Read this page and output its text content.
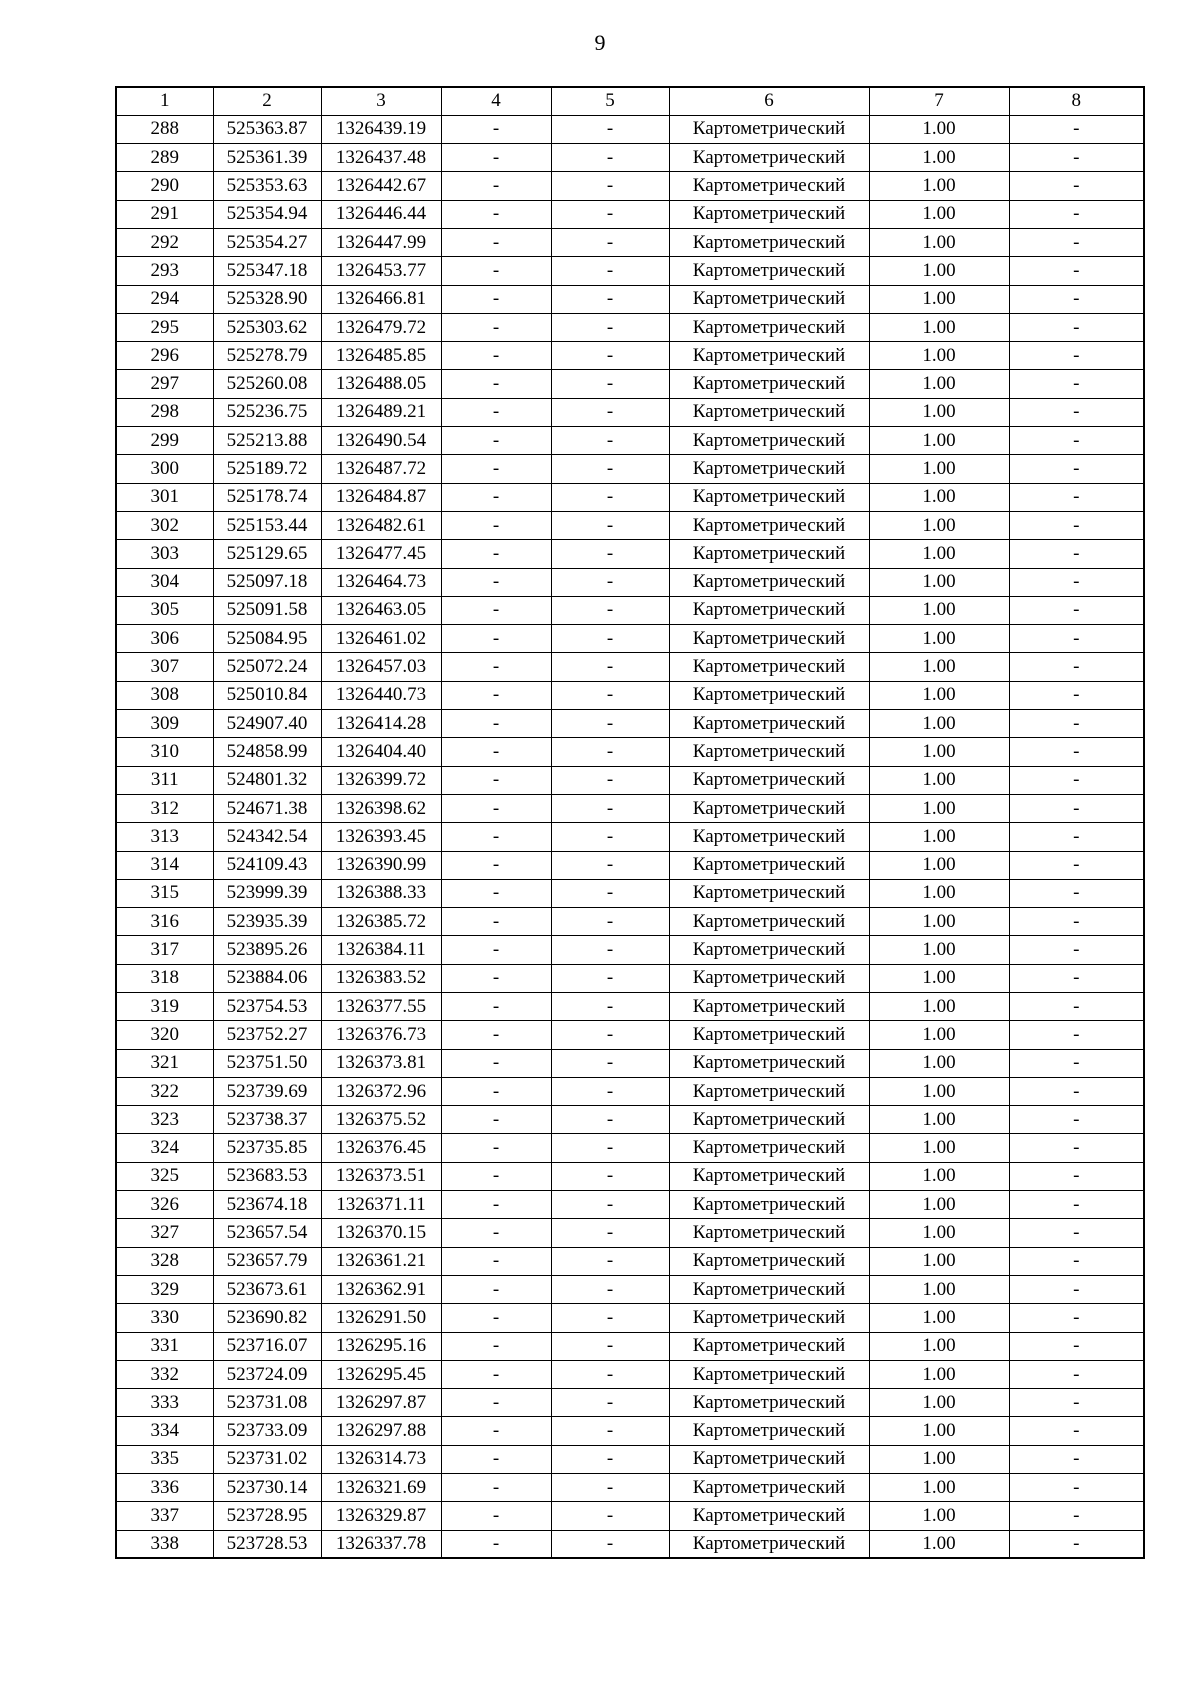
9
1	2	3	4	5	6	7	8
288	525363.87	1326439.19	-	-	Картометрический	1.00	-
289	525361.39	1326437.48	-	-	Картометрический	1.00	-
290	525353.63	1326442.67	-	-	Картометрический	1.00	-
291	525354.94	1326446.44	-	-	Картометрический	1.00	-
292	525354.27	1326447.99	-	-	Картометрический	1.00	-
293	525347.18	1326453.77	-	-	Картометрический	1.00	-
294	525328.90	1326466.81	-	-	Картометрический	1.00	-
295	525303.62	1326479.72	-	-	Картометрический	1.00	-
296	525278.79	1326485.85	-	-	Картометрический	1.00	-
297	525260.08	1326488.05	-	-	Картометрический	1.00	-
298	525236.75	1326489.21	-	-	Картометрический	1.00	-
299	525213.88	1326490.54	-	-	Картометрический	1.00	-
300	525189.72	1326487.72	-	-	Картометрический	1.00	-
301	525178.74	1326484.87	-	-	Картометрический	1.00	-
302	525153.44	1326482.61	-	-	Картометрический	1.00	-
303	525129.65	1326477.45	-	-	Картометрический	1.00	-
304	525097.18	1326464.73	-	-	Картометрический	1.00	-
305	525091.58	1326463.05	-	-	Картометрический	1.00	-
306	525084.95	1326461.02	-	-	Картометрический	1.00	-
307	525072.24	1326457.03	-	-	Картометрический	1.00	-
308	525010.84	1326440.73	-	-	Картометрический	1.00	-
309	524907.40	1326414.28	-	-	Картометрический	1.00	-
310	524858.99	1326404.40	-	-	Картометрический	1.00	-
311	524801.32	1326399.72	-	-	Картометрический	1.00	-
312	524671.38	1326398.62	-	-	Картометрический	1.00	-
313	524342.54	1326393.45	-	-	Картометрический	1.00	-
314	524109.43	1326390.99	-	-	Картометрический	1.00	-
315	523999.39	1326388.33	-	-	Картометрический	1.00	-
316	523935.39	1326385.72	-	-	Картометрический	1.00	-
317	523895.26	1326384.11	-	-	Картометрический	1.00	-
318	523884.06	1326383.52	-	-	Картометрический	1.00	-
319	523754.53	1326377.55	-	-	Картометрический	1.00	-
320	523752.27	1326376.73	-	-	Картометрический	1.00	-
321	523751.50	1326373.81	-	-	Картометрический	1.00	-
322	523739.69	1326372.96	-	-	Картометрический	1.00	-
323	523738.37	1326375.52	-	-	Картометрический	1.00	-
324	523735.85	1326376.45	-	-	Картометрический	1.00	-
325	523683.53	1326373.51	-	-	Картометрический	1.00	-
326	523674.18	1326371.11	-	-	Картометрический	1.00	-
327	523657.54	1326370.15	-	-	Картометрический	1.00	-
328	523657.79	1326361.21	-	-	Картометрический	1.00	-
329	523673.61	1326362.91	-	-	Картометрический	1.00	-
330	523690.82	1326291.50	-	-	Картометрический	1.00	-
331	523716.07	1326295.16	-	-	Картометрический	1.00	-
332	523724.09	1326295.45	-	-	Картометрический	1.00	-
333	523731.08	1326297.87	-	-	Картометрический	1.00	-
334	523733.09	1326297.88	-	-	Картометрический	1.00	-
335	523731.02	1326314.73	-	-	Картометрический	1.00	-
336	523730.14	1326321.69	-	-	Картометрический	1.00	-
337	523728.95	1326329.87	-	-	Картометрический	1.00	-
338	523728.53	1326337.78	-	-	Картометрический	1.00	-
